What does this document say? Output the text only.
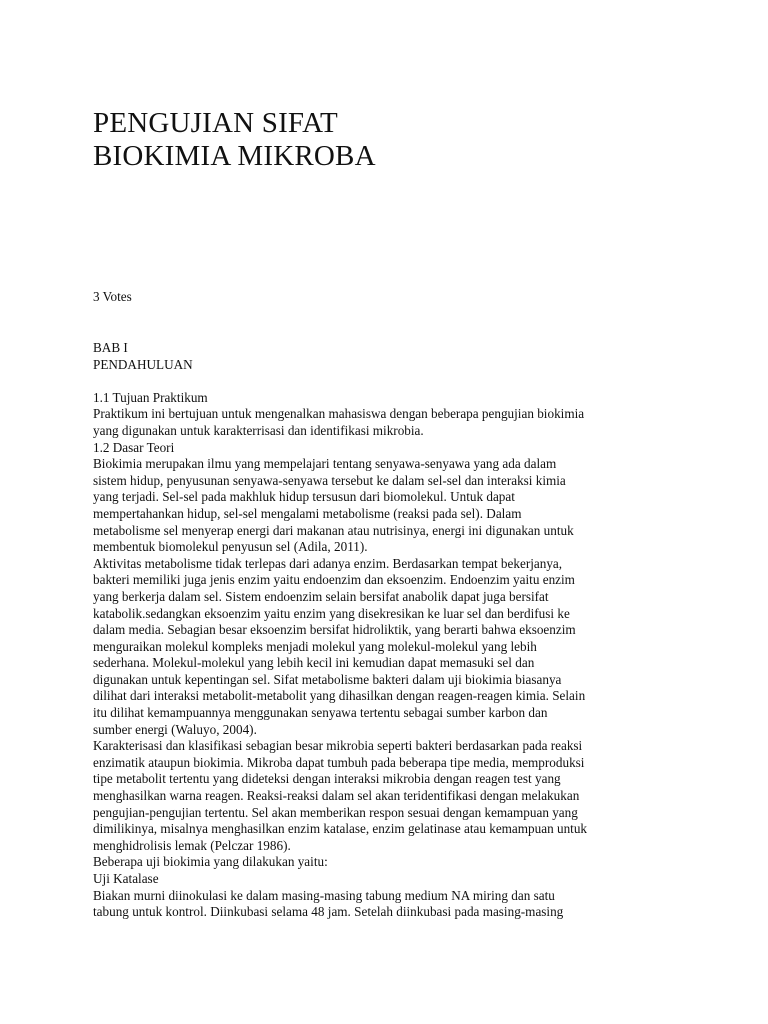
PENGUJIAN SIFAT
BIOKIMIA MIKROBA
3 Votes
BAB I
PENDAHULUAN
1.1 Tujuan Praktikum
Praktikum ini bertujuan untuk mengenalkan mahasiswa dengan beberapa pengujian biokimia
yang digunakan untuk karakterrisasi dan identifikasi mikrobia.
1.2 Dasar Teori
Biokimia merupakan ilmu yang mempelajari tentang senyawa-senyawa yang ada dalam
sistem hidup, penyusunan senyawa-senyawa tersebut ke dalam sel-sel dan interaksi kimia
yang terjadi. Sel-sel pada makhluk hidup tersusun dari biomolekul. Untuk dapat
mempertahankan hidup, sel-sel mengalami metabolisme (reaksi pada sel). Dalam
metabolisme sel menyerap energi dari makanan atau nutrisinya, energi ini digunakan untuk
membentuk biomolekul penyusun sel (Adila, 2011).
Aktivitas metabolisme tidak terlepas dari adanya enzim. Berdasarkan tempat bekerjanya,
bakteri memiliki juga jenis enzim yaitu endoenzim dan eksoenzim. Endoenzim yaitu enzim
yang berkerja dalam sel. Sistem endoenzim selain bersifat anabolik dapat juga bersifat
katabolik.sedangkan eksoenzim yaitu enzim yang disekresikan ke luar sel dan berdifusi ke
dalam media. Sebagian besar eksoenzim bersifat hidroliktik, yang berarti bahwa eksoenzim
menguraikan molekul kompleks menjadi molekul yang molekul-molekul yang lebih
sederhana. Molekul-molekul yang lebih kecil ini kemudian dapat memasuki sel dan
digunakan untuk kepentingan sel. Sifat metabolisme bakteri dalam uji biokimia biasanya
dilihat dari interaksi metabolit-metabolit yang dihasilkan dengan reagen-reagen kimia. Selain
itu dilihat kemampuannya menggunakan senyawa tertentu sebagai sumber karbon dan
sumber energi (Waluyo, 2004).
Karakterisasi dan klasifikasi sebagian besar mikrobia seperti bakteri berdasarkan pada reaksi
enzimatik ataupun biokimia. Mikroba dapat tumbuh pada beberapa tipe media, memproduksi
tipe metabolit tertentu yang dideteksi dengan interaksi mikrobia dengan reagen test yang
menghasilkan warna reagen. Reaksi-reaksi dalam sel akan teridentifikasi dengan melakukan
pengujian-pengujian tertentu. Sel akan memberikan respon sesuai dengan kemampuan yang
dimilikinya, misalnya menghasilkan enzim katalase, enzim gelatinase atau kemampuan untuk
menghidrolisis lemak (Pelczar 1986).
Beberapa uji biokimia yang dilakukan yaitu:
Uji Katalase
Biakan murni diinokulasi ke dalam masing-masing tabung medium NA miring dan satu
tabung untuk kontrol. Diinkubasi selama 48 jam. Setelah diinkubasi pada masing-masing
